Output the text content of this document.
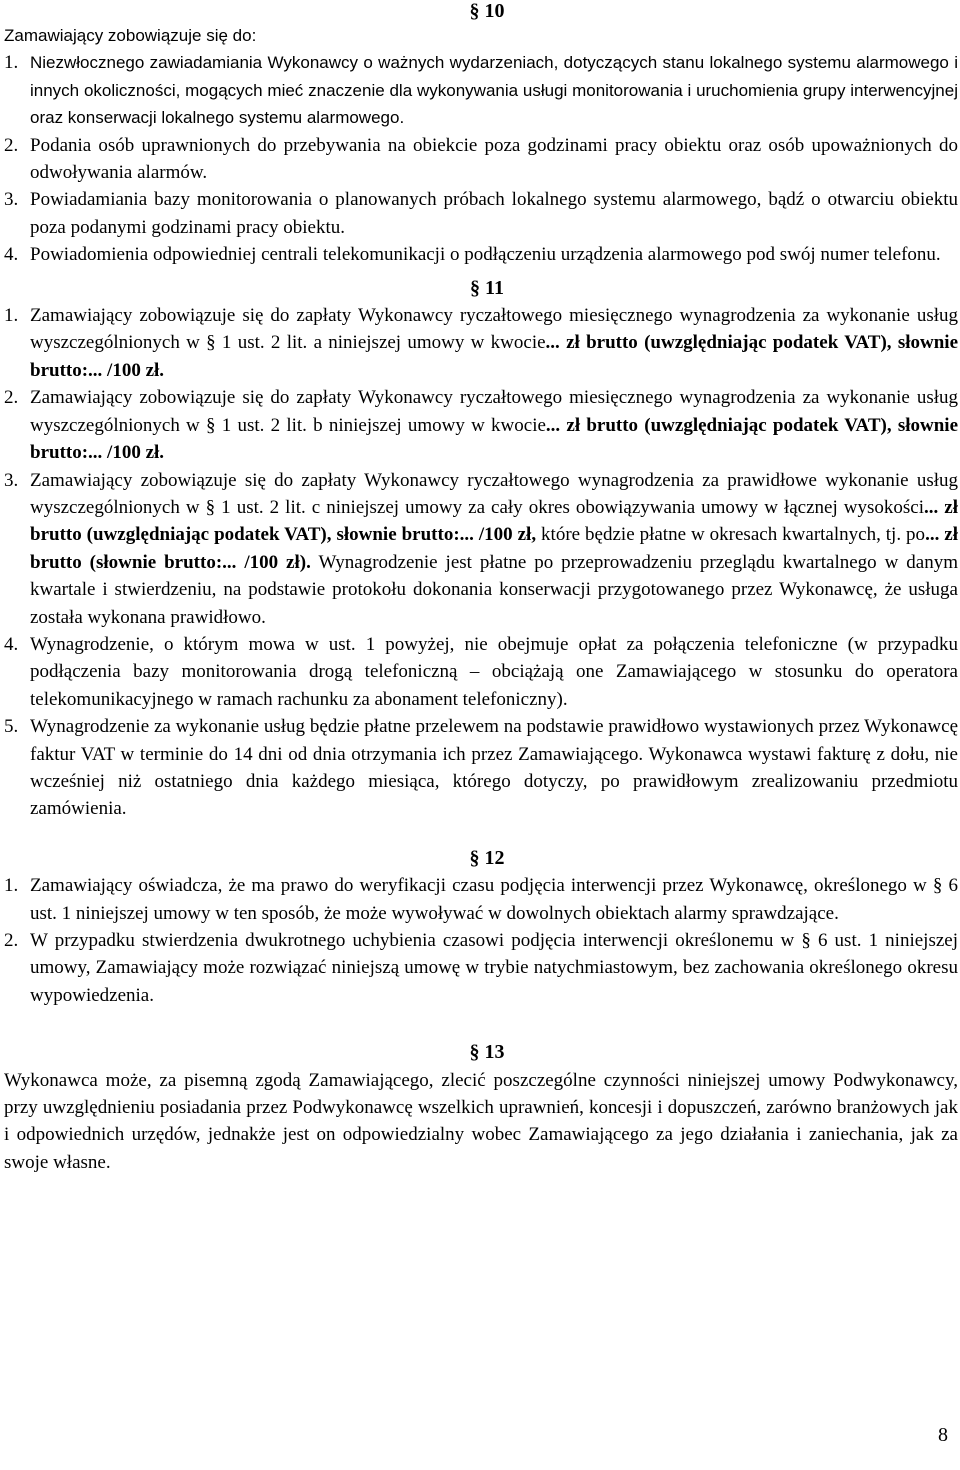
§ 10

Zamawiający zobowiązuje się do:

1. Niezwłocznego zawiadamiania Wykonawcy o ważnych wydarzeniach, dotyczących stanu lokalnego systemu alarmowego i innych okoliczności, mogących mieć znaczenie dla wykonywania usługi monitorowania i uruchomienia grupy interwencyjnej oraz konserwacji lokalnego systemu alarmowego.
2. Podania osób uprawnionych do przebywania na obiekcie poza godzinami pracy obiektu oraz osób upoważnionych do odwoływania alarmów.
3. Powiadamiania bazy monitorowania o planowanych próbach lokalnego systemu alarmowego, bądź o otwarciu obiektu poza podanymi godzinami pracy obiektu.
4. Powiadomienia odpowiedniej centrali telekomunikacji o podłączeniu urządzenia alarmowego pod swój numer telefonu.
§ 11
1. Zamawiający zobowiązuje się do zapłaty Wykonawcy ryczałtowego miesięcznego wynagrodzenia za wykonanie usług wyszczególnionych w § 1 ust. 2 lit. a niniejszej umowy w kwocie... zł brutto (uwzględniając podatek VAT), słownie brutto:... /100 zł.
2. Zamawiający zobowiązuje się do zapłaty Wykonawcy ryczałtowego miesięcznego wynagrodzenia za wykonanie usług wyszczególnionych w § 1 ust. 2 lit. b niniejszej umowy w kwocie... zł brutto (uwzględniając podatek VAT), słownie brutto:... /100 zł.
3. Zamawiający zobowiązuje się do zapłaty Wykonawcy ryczałtowego wynagrodzenia za prawidłowe wykonanie usług wyszczególnionych w § 1 ust. 2 lit. c niniejszej umowy za cały okres obowiązywania umowy w łącznej wysokości... zł brutto (uwzględniając podatek VAT), słownie brutto:... /100 zł, które będzie płatne w okresach kwartalnych, tj. po... zł brutto (słownie brutto:... /100 zł). Wynagrodzenie jest płatne po przeprowadzeniu przeglądu kwartalnego w danym kwartale i stwierdzeniu, na podstawie protokołu dokonania konserwacji przygotowanego przez Wykonawcę, że usługa została wykonana prawidłowo.
4. Wynagrodzenie, o którym mowa w ust. 1 powyżej, nie obejmuje opłat za połączenia telefoniczne (w przypadku podłączenia bazy monitorowania drogą telefoniczną – obciążają one Zamawiającego w stosunku do operatora telekomunikacyjnego w ramach rachunku za abonament telefoniczny).
5. Wynagrodzenie za wykonanie usług będzie płatne przelewem na podstawie prawidłowo wystawionych przez Wykonawcę faktur VAT w terminie do 14 dni od dnia otrzymania ich przez Zamawiającego. Wykonawca wystawi fakturę z dołu, nie wcześniej niż ostatniego dnia każdego miesiąca, którego dotyczy, po prawidłowym zrealizowaniu przedmiotu zamówienia.
§ 12
1. Zamawiający oświadcza, że ma prawo do weryfikacji czasu podjęcia interwencji przez Wykonawcę, określonego w § 6 ust. 1 niniejszej umowy w ten sposób, że może wywoływać w dowolnych obiektach alarmy sprawdzające.
2. W przypadku stwierdzenia dwukrotnego uchybienia czasowi podjęcia interwencji określonemu w § 6 ust. 1 niniejszej umowy, Zamawiający może rozwiązać niniejszą umowę w trybie natychmiastowym, bez zachowania określonego okresu wypowiedzenia.
§ 13

Wykonawca może, za pisemną zgodą Zamawiającego, zlecić poszczególne czynności niniejszej umowy Podwykonawcy, przy uwzględnieniu posiadania przez Podwykonawcę wszelkich uprawnień, koncesji i dopuszczeń, zarówno branżowych jak i odpowiednich urzędów, jednakże jest on odpowiedzialny wobec Zamawiającego za jego działania i zaniechania, jak za swoje własne.

8
